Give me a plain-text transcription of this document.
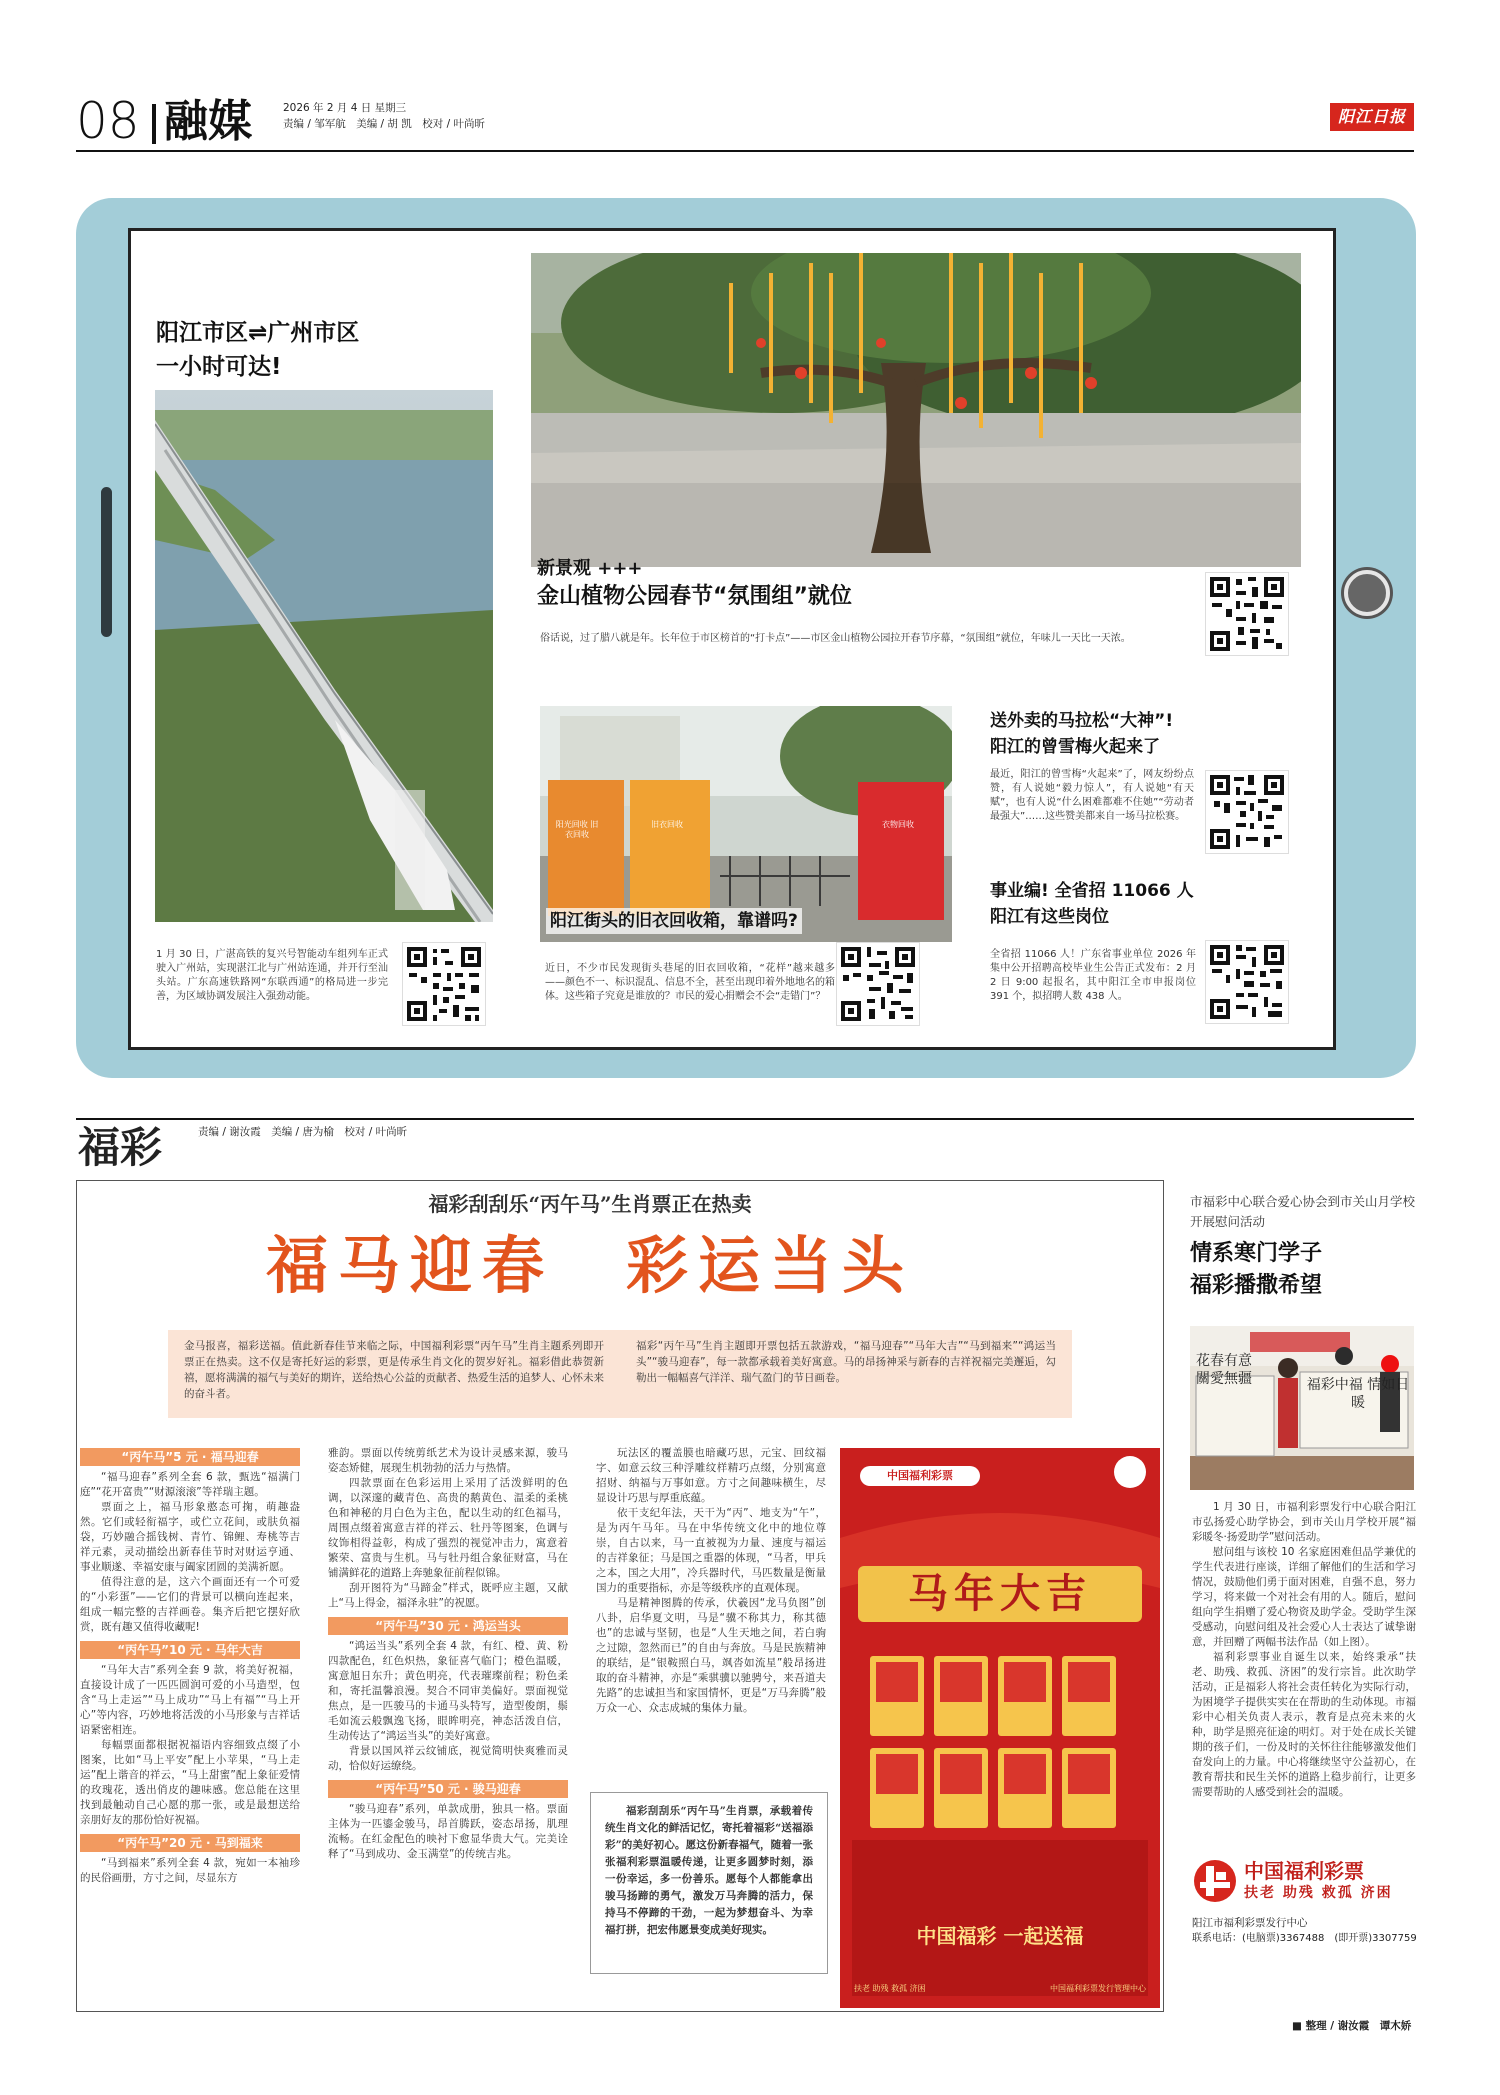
08 融媒	2026 年 2 月 4 日 星期三
责编 / 邹军航　美编 / 胡 凯　校对 / 叶尚昕	阳江日报
阳江市区⇌广州市区
一小时可达!
1 月 30 日，广湛高铁的复兴号智能动车组列车正式驶入广州站，实现湛江北与广州站连通，并开行至汕头站。广东高速铁路网“东联西通”的格局进一步完善，为区域协调发展注入强劲动能。
新景观 +++
金山植物公园春节“氛围组”就位
俗话说，过了腊八就是年。长年位于市区榜首的“打卡点”——市区金山植物公园拉开春节序幕，“氛围组”就位，年味儿一天比一天浓。
阳光回收 旧衣回收
旧衣回收	衣物回收
阳江街头的旧衣回收箱，靠谱吗?
近日，不少市民发现街头巷尾的旧衣回收箱，“花样”越来越多——颜色不一、标识混乱、信息不全，甚至出现印着外地地名的箱体。这些箱子究竟是谁放的？市民的爱心捐赠会不会“走错门”？
送外卖的马拉松“大神”!
阳江的曾雪梅火起来了
最近，阳江的曾雪梅“火起来”了，网友纷纷点赞，有人说她“毅力惊人”，有人说她“有天赋”，也有人说“什么困难都难不住她”“劳动者最强大”……这些赞美都来自一场马拉松赛。
事业编! 全省招 11066 人
阳江有这些岗位
全省招 11066 人！广东省事业单位 2026 年集中公开招聘高校毕业生公告正式发布：2 月 2 日 9:00 起报名，其中阳江全市申报岗位 391 个，拟招聘人数 438 人。
福彩	责编 / 谢汝霞　美编 / 唐为榆　校对 / 叶尚昕
福彩刮刮乐“丙午马”生肖票正在热卖
福马迎春　彩运当头
金马报喜，福彩送福。值此新春佳节来临之际，中国福利彩票“丙午马”生肖主题系列即开票正在热卖。这不仅是寄托好运的彩票，更是传承生肖文化的贺岁好礼。福彩借此恭贺新禧，愿将满满的福气与美好的期许，送给热心公益的贡献者、热爱生活的追梦人、心怀未来的奋斗者。
福彩“丙午马”生肖主题即开票包括五款游戏，“福马迎春”“马年大吉”“马到福来”“鸿运当头”“骏马迎春”，每一款都承载着美好寓意。马的昂扬神采与新春的吉祥祝福完美邂逅，勾勒出一幅幅喜气洋洋、瑞气盈门的节日画卷。
“丙午马”5 元 · 福马迎春

“福马迎春”系列全套 6 款，甄选“福满门庭”“花开富贵”“财源滚滚”等祥瑞主题。

票面之上，福马形象憨态可掬，萌趣盎然。它们或轻衔福字，或伫立花间，或肤负福袋，巧妙融合摇钱树、青竹、锦鲤、寿桃等吉祥元素，灵动描绘出新春佳节时对财运亨通、事业顺遂、幸福安康与阖家团圆的美满祈愿。

值得注意的是，这六个画面还有一个可爱的“小彩蛋”——它们的背景可以横向连起来，组成一幅完整的吉祥画卷。集齐后把它摆好欣赏，既有趣又值得收藏呢!

“丙午马”10 元 · 马年大吉

“马年大吉”系列全套 9 款，将美好祝福，直接设计成了一匹匹圆润可爱的小马造型，包含“马上走运”“马上成功”“马上有福”“马上开心”等内容，巧妙地将活泼的小马形象与吉祥话语紧密相连。

每幅票面都根据祝福语内容细致点缀了小图案，比如“马上平安”配上小苹果，“马上走运”配上谐音的祥云，“马上甜蜜”配上象征爱情的玫瑰花，透出俏皮的趣味感。您总能在这里找到最触动自己心愿的那一张，或是最想送给亲朋好友的那份恰好祝福。

“丙午马”20 元 · 马到福来

“马到福来”系列全套 4 款，宛如一本袖珍的民俗画册，方寸之间，尽显东方

雅韵。票面以传统剪纸艺术为设计灵感来源，骏马姿态矫健，展现生机勃勃的活力与热情。

四款票面在色彩运用上采用了活泼鲜明的色调，以深邃的藏青色、高贵的鹅黄色、温柔的柔桃色和神秘的月白色为主色，配以生动的红色福马，周围点缀着寓意吉祥的祥云、牡丹等图案，色调与纹饰相得益彰，构成了强烈的视觉冲击力，寓意着繁荣、富贵与生机。马与牡丹组合象征财富，马在铺满鲜花的道路上奔驰象征前程似锦。

刮开图符为“马蹄金”样式，既呼应主题，又献上“马上得金，福泽永驻”的祝愿。

“丙午马”30 元 · 鸿运当头

“鸿运当头”系列全套 4 款，有红、橙、黄、粉四款配色，红色炽热，象征喜气临门；橙色温暖，寓意旭日东升；黄色明亮，代表璀璨前程；粉色柔和，寄托温馨浪漫。契合不同审美偏好。票面视觉焦点，是一匹骏马的卡通马头特写，造型俊朗，鬃毛如流云般飘逸飞扬，眼眸明亮，神态活泼自信，生动传达了“鸿运当头”的美好寓意。

背景以国风祥云纹铺底，视觉简明快爽雅而灵动，恰似好运缭绕。

“丙午马”50 元 · 骏马迎春

“骏马迎春”系列，单款成册，独具一格。票面主体为一匹鎏金骏马，昂首腾跃，姿态昂扬，肌理流畅。在红金配色的映衬下愈显华贵大气。完美诠释了“马到成功、金玉满堂”的传统吉兆。

玩法区的覆盖膜也暗藏巧思，元宝、回纹福字、如意云纹三种浮雕纹样精巧点缀，分别寓意招财、纳福与万事如意。方寸之间趣味横生，尽显设计巧思与厚重底蕴。

依干支纪年法，天干为“丙”、地支为“午”，是为丙午马年。马在中华传统文化中的地位尊崇，自古以来，马一直被视为力量、速度与福运的吉祥象征；马是国之重器的体现，“马者，甲兵之本，国之大用”，冷兵器时代，马匹数量是衡量国力的重要指标，亦是等级秩序的直观体现。

马是精神图腾的传承，伏羲因“龙马负图”创八卦，启华夏文明，马是“骥不称其力，称其德也”的忠诚与坚韧，也是“人生天地之间，若白驹之过隙，忽然而已”的自由与奔放。马是民族精神的联结，是“银鞍照白马，飒沓如流星”般昂扬进取的奋斗精神，亦是“乘骐骥以驰骋兮，来吾道夫先路”的忠诚担当和家国情怀，更是“万马奔腾”般万众一心、众志成城的集体力量。

福彩刮刮乐“丙午马”生肖票，承载着传统生肖文化的鲜活记忆，寄托着福彩“送福添彩”的美好初心。愿这份新春福气，随着一张张福利彩票温暖传递，让更多圆梦时刻，添一份幸运，多一份善乐。愿每个人都能拿出骏马扬蹄的勇气，激发万马奔腾的活力，保持马不停蹄的干劲，一起为梦想奋斗、为幸福打拼，把宏伟愿景变成美好现实。

中国福利彩票
马年大吉
中国福彩 一起送福
扶老 助残 救孤 济困	中国福利彩票发行管理中心
市福彩中心联合爱心协会到市关山月学校开展慰问活动
情系寒门学子
福彩播撒希望
花春有意 關愛無疆	福彩中福 情如日暖

1 月 30 日，市福利彩票发行中心联合阳江市弘扬爱心助学协会，到市关山月学校开展“福彩暖冬·扬爱助学”慰问活动。

慰问组与该校 10 名家庭困难但品学兼优的学生代表进行座谈，详细了解他们的生活和学习情况，鼓励他们勇于面对困难，自强不息，努力学习，将来做一个对社会有用的人。随后，慰问组向学生捐赠了爱心物资及助学金。受助学生深受感动，向慰问组及社会爱心人士表达了诚挚谢意，并回赠了两幅书法作品（如上图）。

福利彩票事业自诞生以来，始终秉承“扶老、助残、救孤、济困”的发行宗旨。此次助学活动，正是福彩人将社会责任转化为实际行动，为困境学子提供实实在在帮助的生动体现。市福彩中心相关负责人表示，教育是点亮未来的火种，助学是照亮征途的明灯。对于处在成长关键期的孩子们，一份及时的关怀往往能够激发他们奋发向上的力量。中心将继续坚守公益初心，在教育帮扶和民生关怀的道路上稳步前行，让更多需要帮助的人感受到社会的温暖。

中国福利彩票
扶老 助残 救孤 济困
阳江市福利彩票发行中心
联系电话：(电脑票)3367488　(即开票)3307759
■ 整理 / 谢汝霞　谭木娇
